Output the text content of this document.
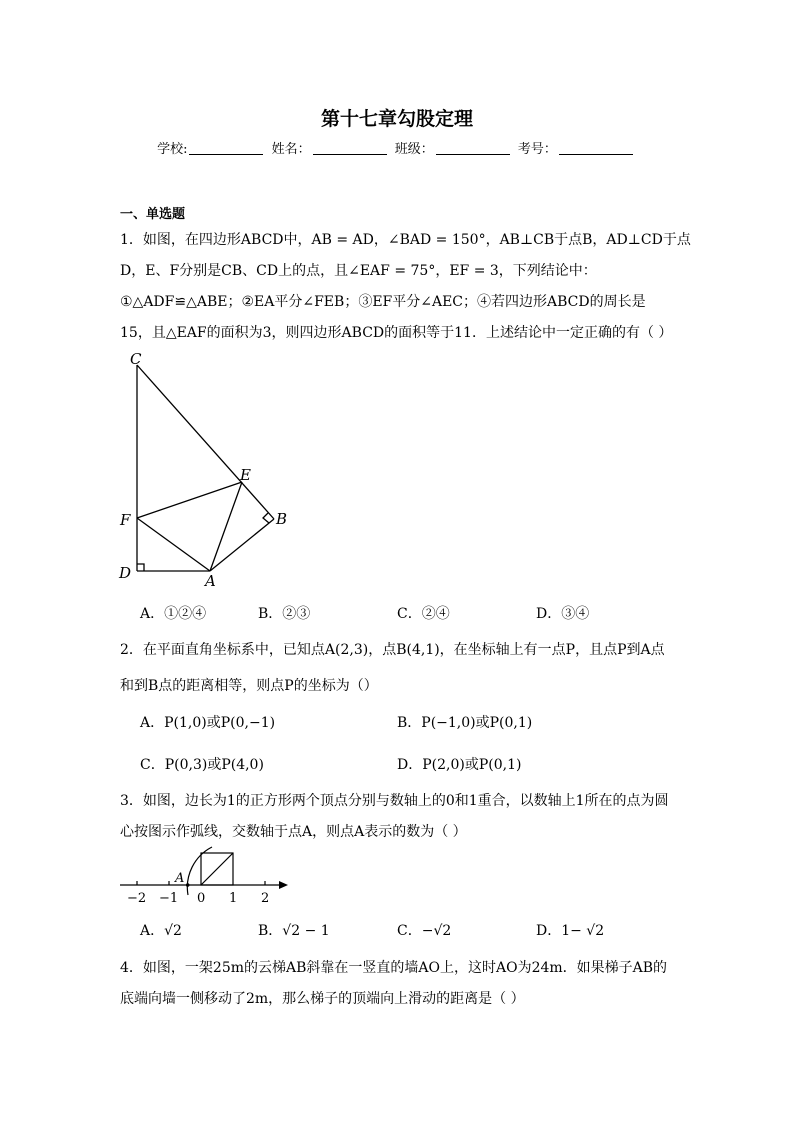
第十七章勾股定理
学校:	姓名：	班级：	考号：
一、单选题
1．如图，在四边形ABCD中，AB = AD，∠BAD = 150°，AB⊥CB于点B，AD⊥CD于点
D，E、F分别是CB、CD上的点，且∠EAF = 75°，EF = 3，下列结论中：
①△ADF≌△ABE；②EA平分∠FEB；③EF平分∠AEC；④若四边形ABCD的周长是
15，且△EAF的面积为3，则四边形ABCD的面积等于11．上述结论中一定正确的有（ ）
C
E
F	B
D	A
A．①②④	B．②③	C．②④	D．③④
2．在平面直角坐标系中，已知点A(2,3)，点B(4,1)，在坐标轴上有一点P，且点P到A点
和到B点的距离相等，则点P的坐标为（）
A．P(1,0)或P(0,−1)	B．P(−1,0)或P(0,1)
C．P(0,3)或P(4,0)	D．P(2,0)或P(0,1)
3．如图，边长为1的正方形两个顶点分别与数轴上的0和1重合，以数轴上1所在的点为圆
心按图示作弧线，交数轴于点A，则点A表示的数为（ ）
−2 −1 0 1 2
A
A．√2	B．√2 − 1	C．−√2	D．1− √2
4．如图，一架25m的云梯AB斜靠在一竖直的墙AO上，这时AO为24m．如果梯子AB的
底端向墙一侧移动了2m，那么梯子的顶端向上滑动的距离是（ ）
